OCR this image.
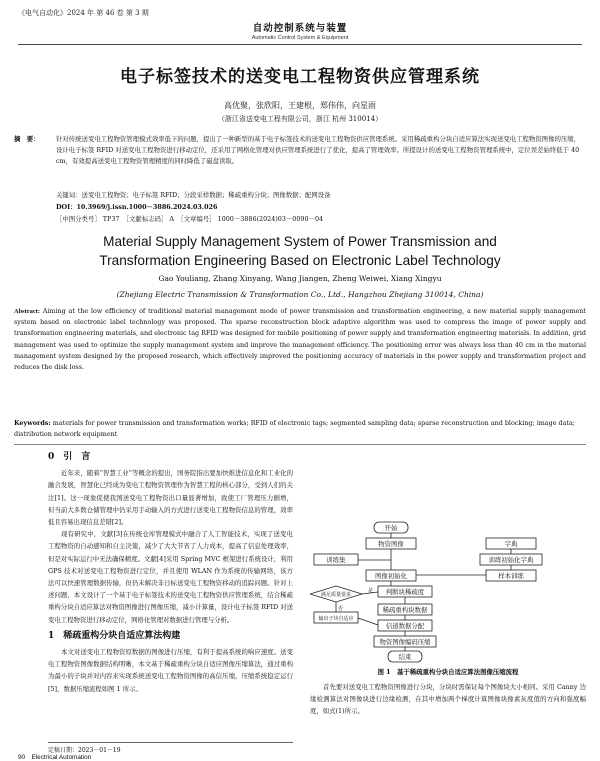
《电气自动化》2024 年 第 46 卷 第 3 期
自动控制系统与装置
Automatic Control System & Equipment
电子标签技术的送变电工程物资供应管理系统
高优聚，张欣阳，王建根，郑伟伟，向星雨
（浙江省送变电工程有限公司，浙江 杭州 310014）
摘　要：	针对传统送变电工程物资管理模式效率低下的问题，提出了一种新型的基于电子标签技术的送变电工程物资供应管理系统。采用稀疏重构分块自适应算法实现送变电工程物资图像的压缩，设计电子标签 RFID 对送变电工程物资进行移动定位，还采用了网格化管理对供应管理系统进行了优化，提高了管理效率。所提设计的送变电工程物资管理系统中，定位误差始终低于 40 cm，有效提高送变电工程物资管理精度的同时降低了磁盘读取。
关键词：送变电工程物资；电子标签 RFID；分段采样数据；稀疏重构分块；图像数据；配网设备
DOI：10.3969/j.issn.1000－3886.2024.03.026
［中图分类号］ TP37　［文献标志码］ A　［文章编号］ 1000－3886(2024)03－0090－04
Material Supply Management System of Power Transmission and
Transformation Engineering Based on Electronic Label Technology
Gao Youliang, Zhang Xinyang, Wang Jiangen, Zheng Weiwei, Xiang Xingyu
(Zhejiang Electric Transmission & Transformation Co., Ltd., Hangzhou Zhejiang 310014, China)
Abstract: Aiming at the low efficiency of traditional material management mode of power transmission and transformation engineering, a new material supply management system based on electronic label technology was proposed. The sparse reconstruction block adaptive algorithm was used to compress the image of power supply and transformation engineering materials, and electronic tag RFID was designed for mobile positioning of power supply and transformation engineering materials. In addition, grid management was used to optimize the supply management system and improve the management efficiency. The positioning error was always less than 40 cm in the material management system designed by the proposed research, which effectively improved the positioning accuracy of materials in the power supply and transformation project and reduces the disk loss.
Keywords: materials for power transmission and transformation works; RFID of electronic tags; segmented sampling data; sparse reconstruction and blocking; image data; distribution network equipment
0　引　言

近年来，随着“智慧工业”等概念的提出，国务院指出要加快推进信息化和工业化的融合发展，智慧化已经成为变电工程物资管理作为智慧工程的核心部分，受到人们的关注[1]。这一现象促使我国送变电工程物资出口量显著增加，致使工厂管理压力剧增，但当前大多数仓储管理中仍采用手动输入的方式进行送变电工程物资信息的管理，效率低且容易出现信息差错[2]。

现有研究中，文献[3]在传统仓库管理模式中融合了人工智能技术，实现了送变电工程物资的自动感知和自主决策，减少了大大节省了人力成本，提高了信息处理效率，但是对实际运行中无法确保精度。文献[4]采用 Spring MVC 框架进行系统设计，利用 GPS 技术对送变电工程物资进行定位，并且使用 WLAN 作为系统的传输网络，该方法可以快速管理数据传输，但仍未解决非日标送变电工程物资移动的追踪问题。针对上述问题，本文设计了一个基于电子标签技术的送变电工程物资供应管理系统，结合稀疏重构分块自适应算法对物资图像进行图像压缩，减小计算量，设计电子标签 RFID 对送变电工程物资进行移动定位，网格化管理对数据进行管理与分析。

1　稀疏重构分块自适应算法构建

本文对送变电工程物资原数据的图像进行压缩，有利于提高系统的响应速度。送变电工程物资图像数据结构明晰，本文基于稀疏重构分块自适应图像压缩算法，通过重构为最小的子块并对内容来实现系统送变电工程物资图像的高信压缩，压缩系统稳定运行[5]，数据压缩流程如图 1 所示。

开始
物资图像	字典
训练初始化字典
样本训练
图像初始化
训练集
满足质量要求
是
否
判断块稀疏度
输出子块自适应
稀疏重构块数据
信道数据分配
物资图像编码压缩
结束
图 1　基于稀疏重构分块自适应算法图像压缩流程

首先要对送变电工程物资图像进行分块，分块时需保证每个图像块大小相同。采用 Canny 边缘检测算法对图像块进行边缘检测，在其中增加两个梯度计算图像块像素灰度值的方向和强度幅度，如式(1)所示。

定稿日期：2023－01－19
90　Electrical Automation
